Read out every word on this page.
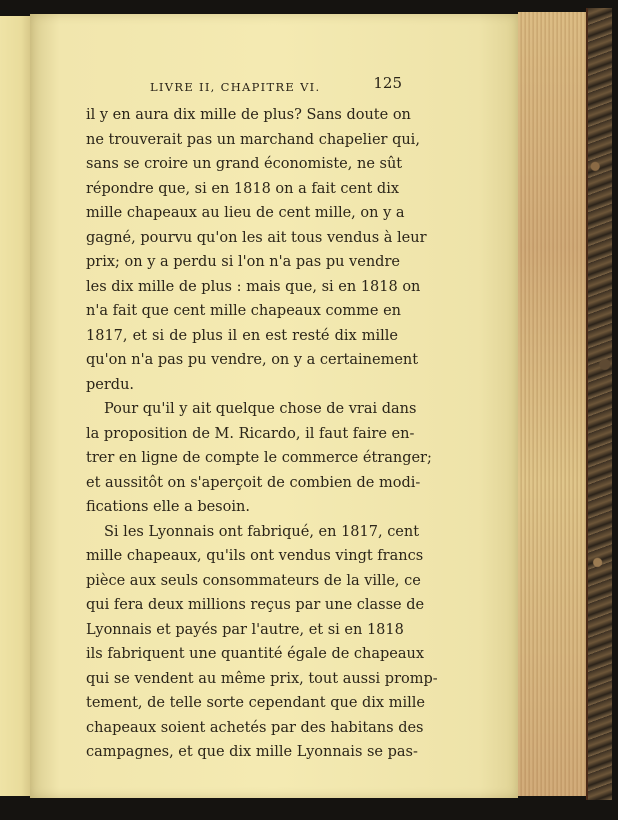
LIVRE II, CHAPITRE VI.	125
il y en aura dix mille de plus? Sans doute on
ne trouverait pas un marchand chapelier qui,
sans se croire un grand économiste, ne sût
répondre que, si en 1818 on a fait cent dix
mille chapeaux au lieu de cent mille, on y a
gagné, pourvu qu'on les ait tous vendus à leur
prix; on y a perdu si l'on n'a pas pu vendre
les dix mille de plus : mais que, si en 1818 on
n'a fait que cent mille chapeaux comme en
1817, et si de plus il en est resté dix mille
qu'on n'a pas pu vendre, on y a certainement
perdu.
Pour qu'il y ait quelque chose de vrai dans
la proposition de M. Ricardo, il faut faire en-
trer en ligne de compte le commerce étranger;
et aussitôt on s'aperçoit de combien de modi-
fications elle a besoin.
Si les Lyonnais ont fabriqué, en 1817, cent
mille chapeaux, qu'ils ont vendus vingt francs
pièce aux seuls consommateurs de la ville, ce
qui fera deux millions reçus par une classe de
Lyonnais et payés par l'autre, et si en 1818
ils fabriquent une quantité égale de chapeaux
qui se vendent au même prix, tout aussi promp-
tement, de telle sorte cependant que dix mille
chapeaux soient achetés par des habitans des
campagnes, et que dix mille Lyonnais se pas-
